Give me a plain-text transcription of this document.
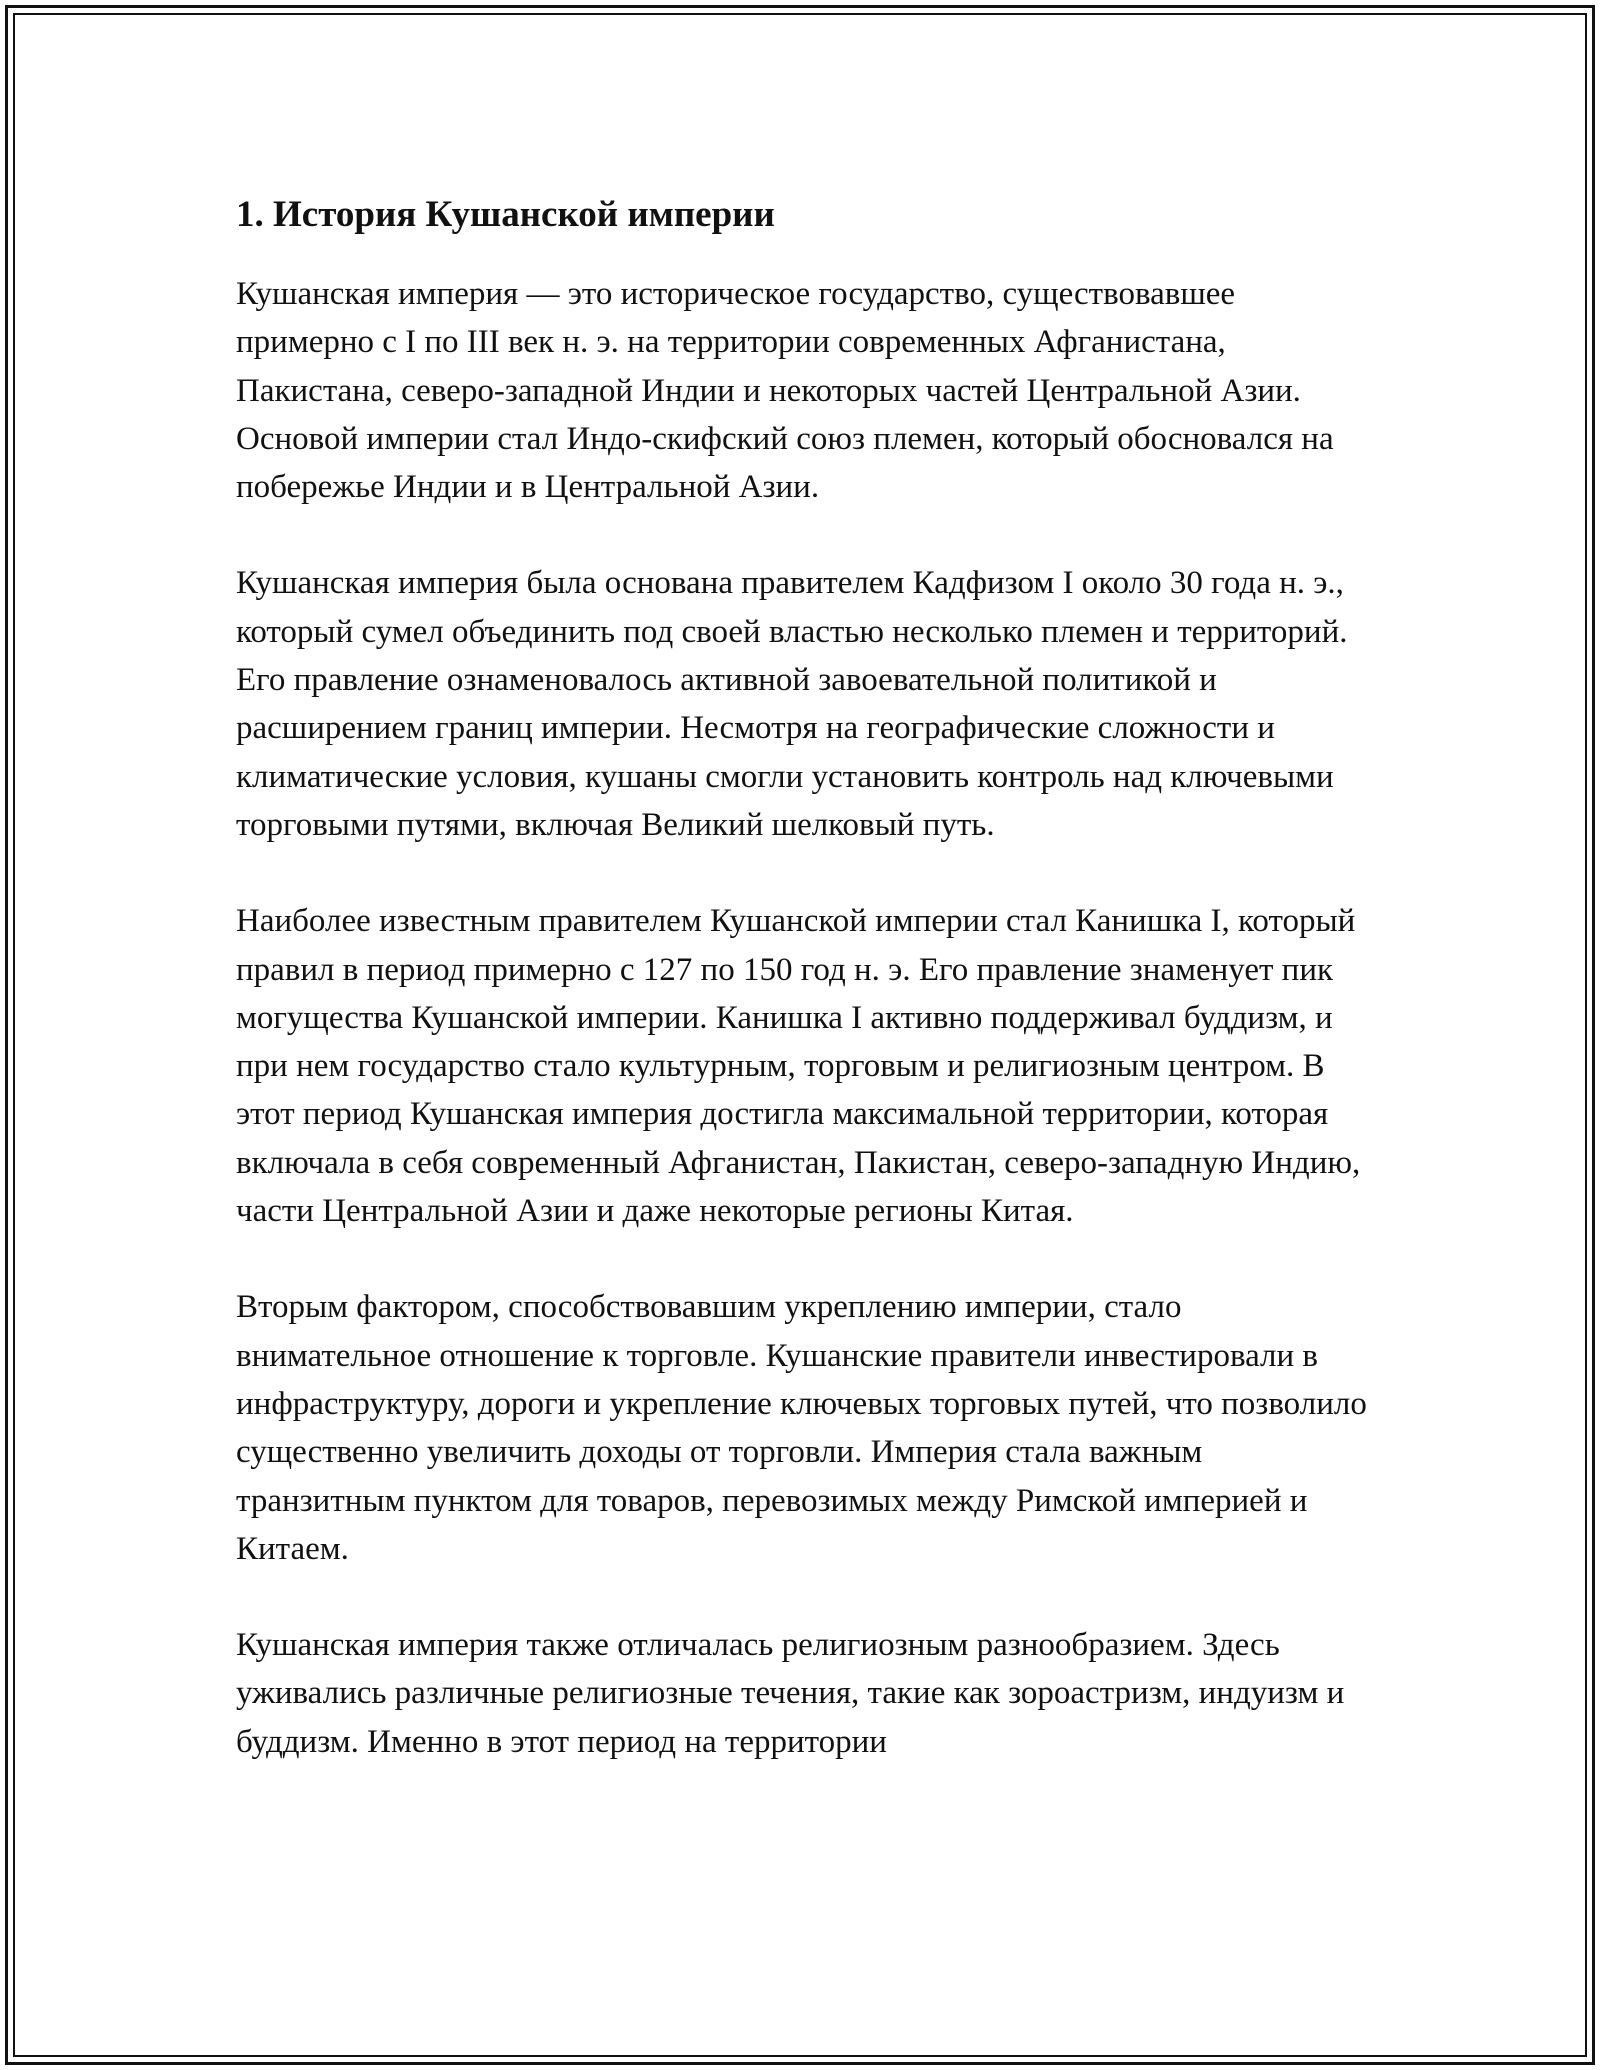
1. История Кушанской империи

Кушанская империя — это историческое государство, существовавшее примерно с I по III век н. э. на территории современных Афганистана, Пакистана, северо-западной Индии и некоторых частей Центральной Азии. Основой империи стал Индо-скифский союз племен, который обосновался на побережье Индии и в Центральной Азии.

Кушанская империя была основана правителем Кадфизом I около 30 года н. э., который сумел объединить под своей властью несколько племен и территорий. Его правление ознаменовалось активной завоевательной политикой и расширением границ империи. Несмотря на географические сложности и климатические условия, кушаны смогли установить контроль над ключевыми торговыми путями, включая Великий шелковый путь.

Наиболее известным правителем Кушанской империи стал Канишка I, который правил в период примерно с 127 по 150 год н. э. Его правление знаменует пик могущества Кушанской империи. Канишка I активно поддерживал буддизм, и при нем государство стало культурным, торговым и религиозным центром. В этот период Кушанская империя достигла максимальной территории, которая включала в себя современный Афганистан, Пакистан, северо-западную Индию, части Центральной Азии и даже некоторые регионы Китая.

Вторым фактором, способствовавшим укреплению империи, стало внимательное отношение к торговле. Кушанские правители инвестировали в инфраструктуру, дороги и укрепление ключевых торговых путей, что позволило существенно увеличить доходы от торговли. Империя стала важным транзитным пунктом для товаров, перевозимых между Римской империей и Китаем.

Кушанская империя также отличалась религиозным разнообразием. Здесь уживались различные религиозные течения, такие как зороастризм, индуизм и буддизм. Именно в этот период на территории
